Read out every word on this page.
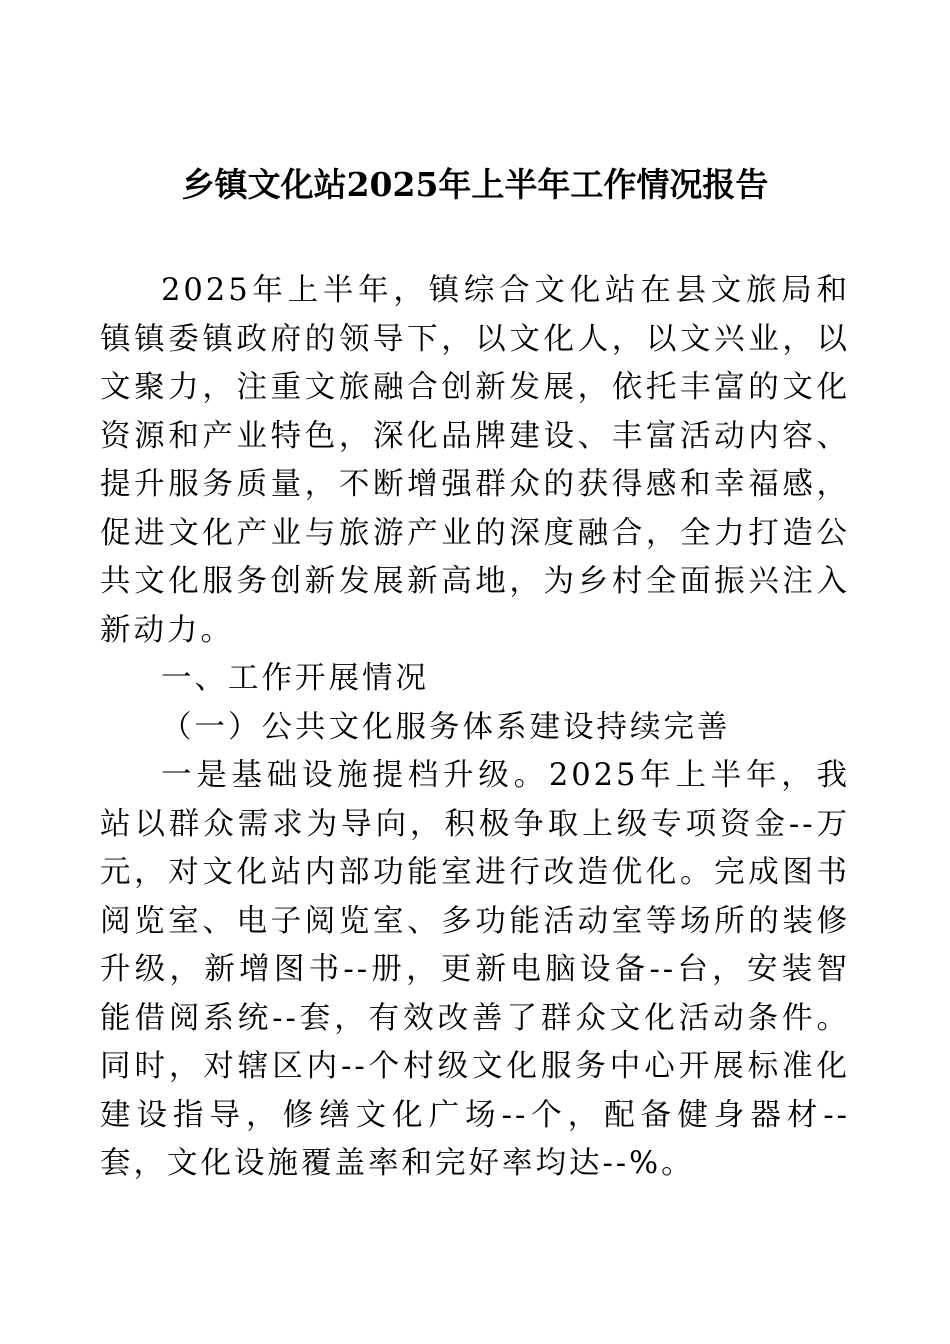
乡镇文化站2025年上半年工作情况报告

2025年上半年，镇综合文化站在县文旅局和镇镇委镇政府的领导下，以文化人，以文兴业，以文聚力，注重文旅融合创新发展，依托丰富的文化资源和产业特色，深化品牌建设、丰富活动内容、提升服务质量，不断增强群众的获得感和幸福感，促进文化产业与旅游产业的深度融合，全力打造公共文化服务创新发展新高地，为乡村全面振兴注入新动力。

一、工作开展情况

（一）公共文化服务体系建设持续完善

一是基础设施提档升级。2025年上半年，我站以群众需求为导向，积极争取上级专项资金--万元，对文化站内部功能室进行改造优化。完成图书阅览室、电子阅览室、多功能活动室等场所的装修升级，新增图书--册，更新电脑设备--台，安装智能借阅系统--套，有效改善了群众文化活动条件。同时，对辖区内--个村级文化服务中心开展标准化建设指导，修缮文化广场--个，配备健身器材--套，文化设施覆盖率和完好率均达--%。
